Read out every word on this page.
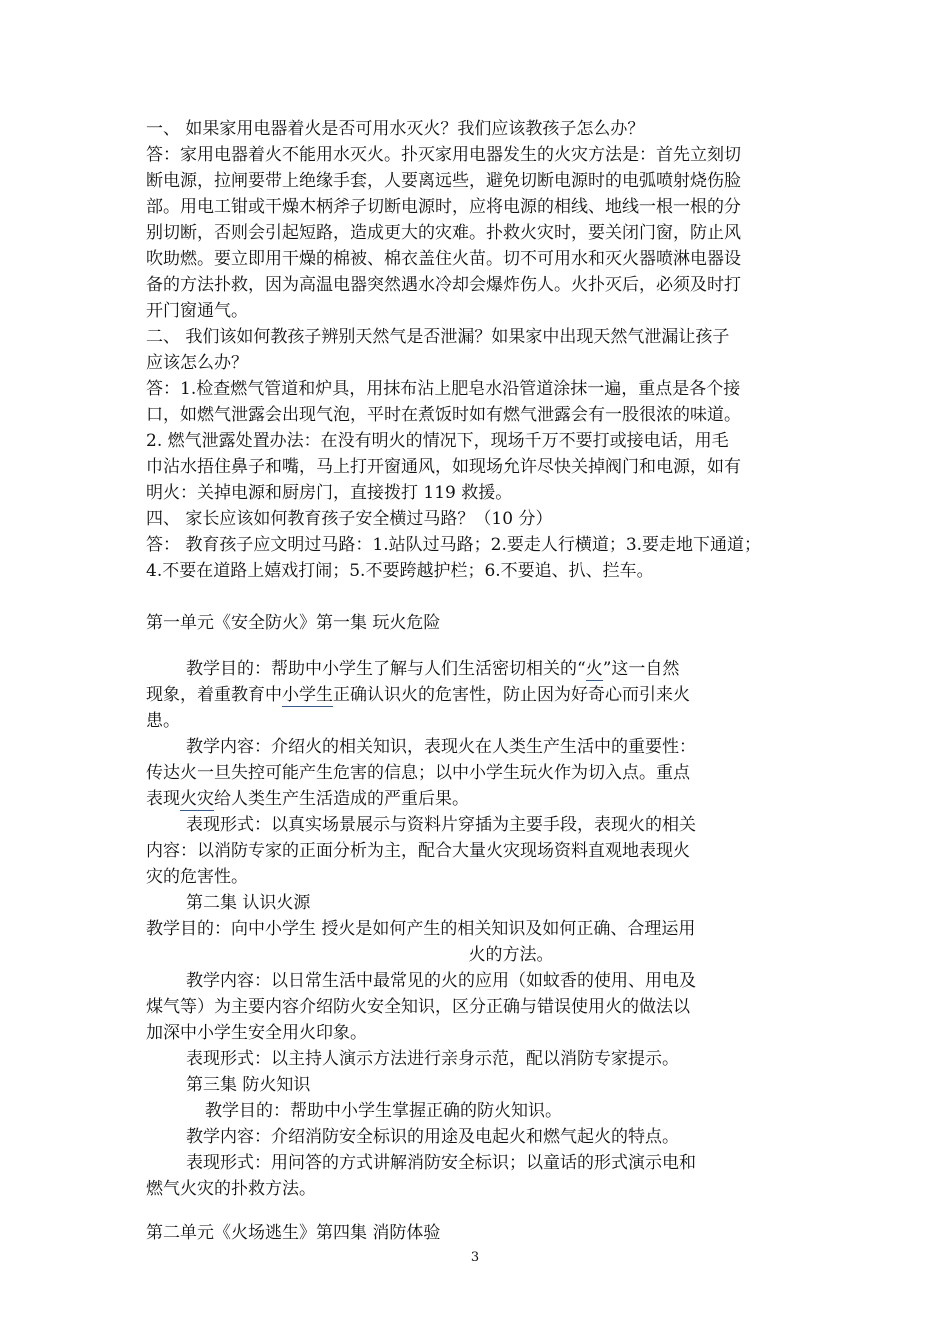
一、 如果家用电器着火是否可用水灭火？我们应该教孩子怎么办？
答：家用电器着火不能用水灭火。扑灭家用电器发生的火灾方法是：首先立刻切
断电源，拉闸要带上绝缘手套，人要离远些，避免切断电源时的电弧喷射烧伤脸
部。用电工钳或干燥木柄斧子切断电源时，应将电源的相线、地线一根一根的分
别切断，否则会引起短路，造成更大的灾难。扑救火灾时，要关闭门窗，防止风
吹助燃。要立即用干燥的棉被、棉衣盖住火苗。切不可用水和灭火器喷淋电器设
备的方法扑救，因为高温电器突然遇水冷却会爆炸伤人。火扑灭后，必须及时打
开门窗通气。
二、 我们该如何教孩子辨别天然气是否泄漏？如果家中出现天然气泄漏让孩子
应该怎么办？
答：1.检查燃气管道和炉具，用抹布沾上肥皂水沿管道涂抹一遍，重点是各个接
口，如燃气泄露会出现气泡，平时在煮饭时如有燃气泄露会有一股很浓的味道。
2. 燃气泄露处置办法：在没有明火的情况下，现场千万不要打或接电话，用毛
巾沾水捂住鼻子和嘴，马上打开窗通风，如现场允许尽快关掉阀门和电源，如有
明火：关掉电源和厨房门，直接拨打 119 救援。
四、 家长应该如何教育孩子安全横过马路？（10 分）
答： 教育孩子应文明过马路：1.站队过马路；2.要走人行横道；3.要走地下通道；
4.不要在道路上嬉戏打闹；5.不要跨越护栏；6.不要追、扒、拦车。
第一单元《安全防火》第一集 玩火危险
教学目的：帮助中小学生了解与人们生活密切相关的“火”这一自然
现象，着重教育中小学生正确认识火的危害性，防止因为好奇心而引来火
患。
教学内容：介绍火的相关知识，表现火在人类生产生活中的重要性：
传达火一旦失控可能产生危害的信息；以中小学生玩火作为切入点。重点
表现火灾给人类生产生活造成的严重后果。
表现形式：以真实场景展示与资料片穿插为主要手段，表现火的相关
内容：以消防专家的正面分析为主，配合大量火灾现场资料直观地表现火
灾的危害性。
第二集 认识火源
教学目的：向中小学生 授火是如何产生的相关知识及如何正确、合理运用
火的方法。
教学内容：以日常生活中最常见的火的应用（如蚊香的使用、用电及
煤气等）为主要内容介绍防火安全知识，区分正确与错误使用火的做法以
加深中小学生安全用火印象。
表现形式：以主持人演示方法进行亲身示范，配以消防专家提示。
第三集 防火知识
教学目的：帮助中小学生掌握正确的防火知识。
教学内容：介绍消防安全标识的用途及电起火和燃气起火的特点。
表现形式：用问答的方式讲解消防安全标识；以童话的形式演示电和
燃气火灾的扑救方法。
第二单元《火场逃生》第四集 消防体验
3
